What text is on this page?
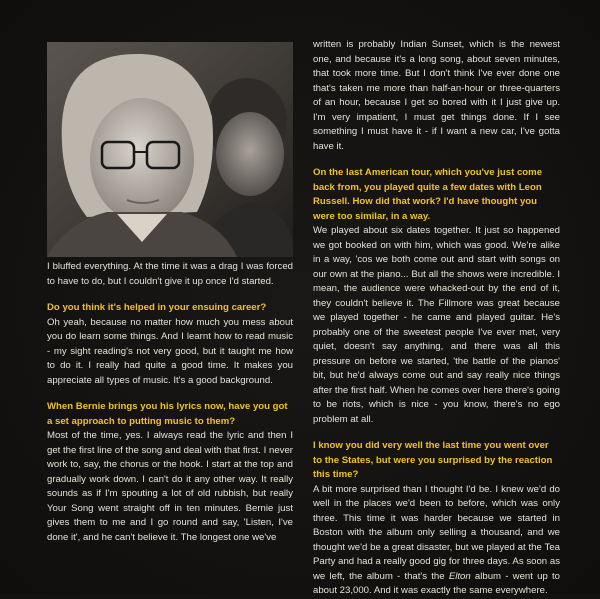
I bluffed everything. At the time it was a drag I was forced to have to do, but I couldn't give it up once I'd started.

Do you think it's helped in your ensuing career?

Oh yeah, because no matter how much you mess about you do learn some things. And I learnt how to read music - my sight reading's not very good, but it taught me how to do it. I really had quite a good time. It makes you appreciate all types of music. It's a good background.

When Bernie brings you his lyrics now, have you got a set approach to putting music to them?

Most of the time, yes. I always read the lyric and then I get the first line of the song and deal with that first. I never work to, say, the chorus or the hook. I start at the top and gradually work down. I can't do it any other way. It really sounds as if I'm spouting a lot of old rubbish, but really Your Song went straight off in ten minutes. Bernie just gives them to me and I go round and say, 'Listen, I've done it', and he can't believe it. The longest one we've

written is probably Indian Sunset, which is the newest one, and because it's a long song, about seven minutes, that took more time. But I don't think I've ever done one that's taken me more than half-an-hour or three-quarters of an hour, because I get so bored with it I just give up. I'm very impatient, I must get things done. If I see something I must have it - if I want a new car, I've gotta have it.

On the last American tour, which you've just come back from, you played quite a few dates with Leon Russell. How did that work? I'd have thought you were too similar, in a way.

We played about six dates together. It just so happened we got booked on with him, which was good. We're alike in a way, 'cos we both come out and start with songs on our own at the piano... But all the shows were incredible. I mean, the audience were whacked-out by the end of it, they couldn't believe it. The Fillmore was great because we played together - he came and played guitar. He's probably one of the sweetest people I've ever met, very quiet, doesn't say anything, and there was all this pressure on before we started, 'the battle of the pianos' bit, but he'd always come out and say really nice things after the first half. When he comes over here there's going to be riots, which is nice - you know, there's no ego problem at all.

I know you did very well the last time you went over to the States, but were you surprised by the reaction this time?

A bit more surprised than I thought I'd be. I knew we'd do well in the places we'd been to before, which was only three. This time it was harder because we started in Boston with the album only selling a thousand, and we thought we'd be a great disaster, but we played at the Tea Party and had a really good gig for three days. As soon as we left, the album - that's the Elton album - went up to about 23,000. And it was exactly the same everywhere.
